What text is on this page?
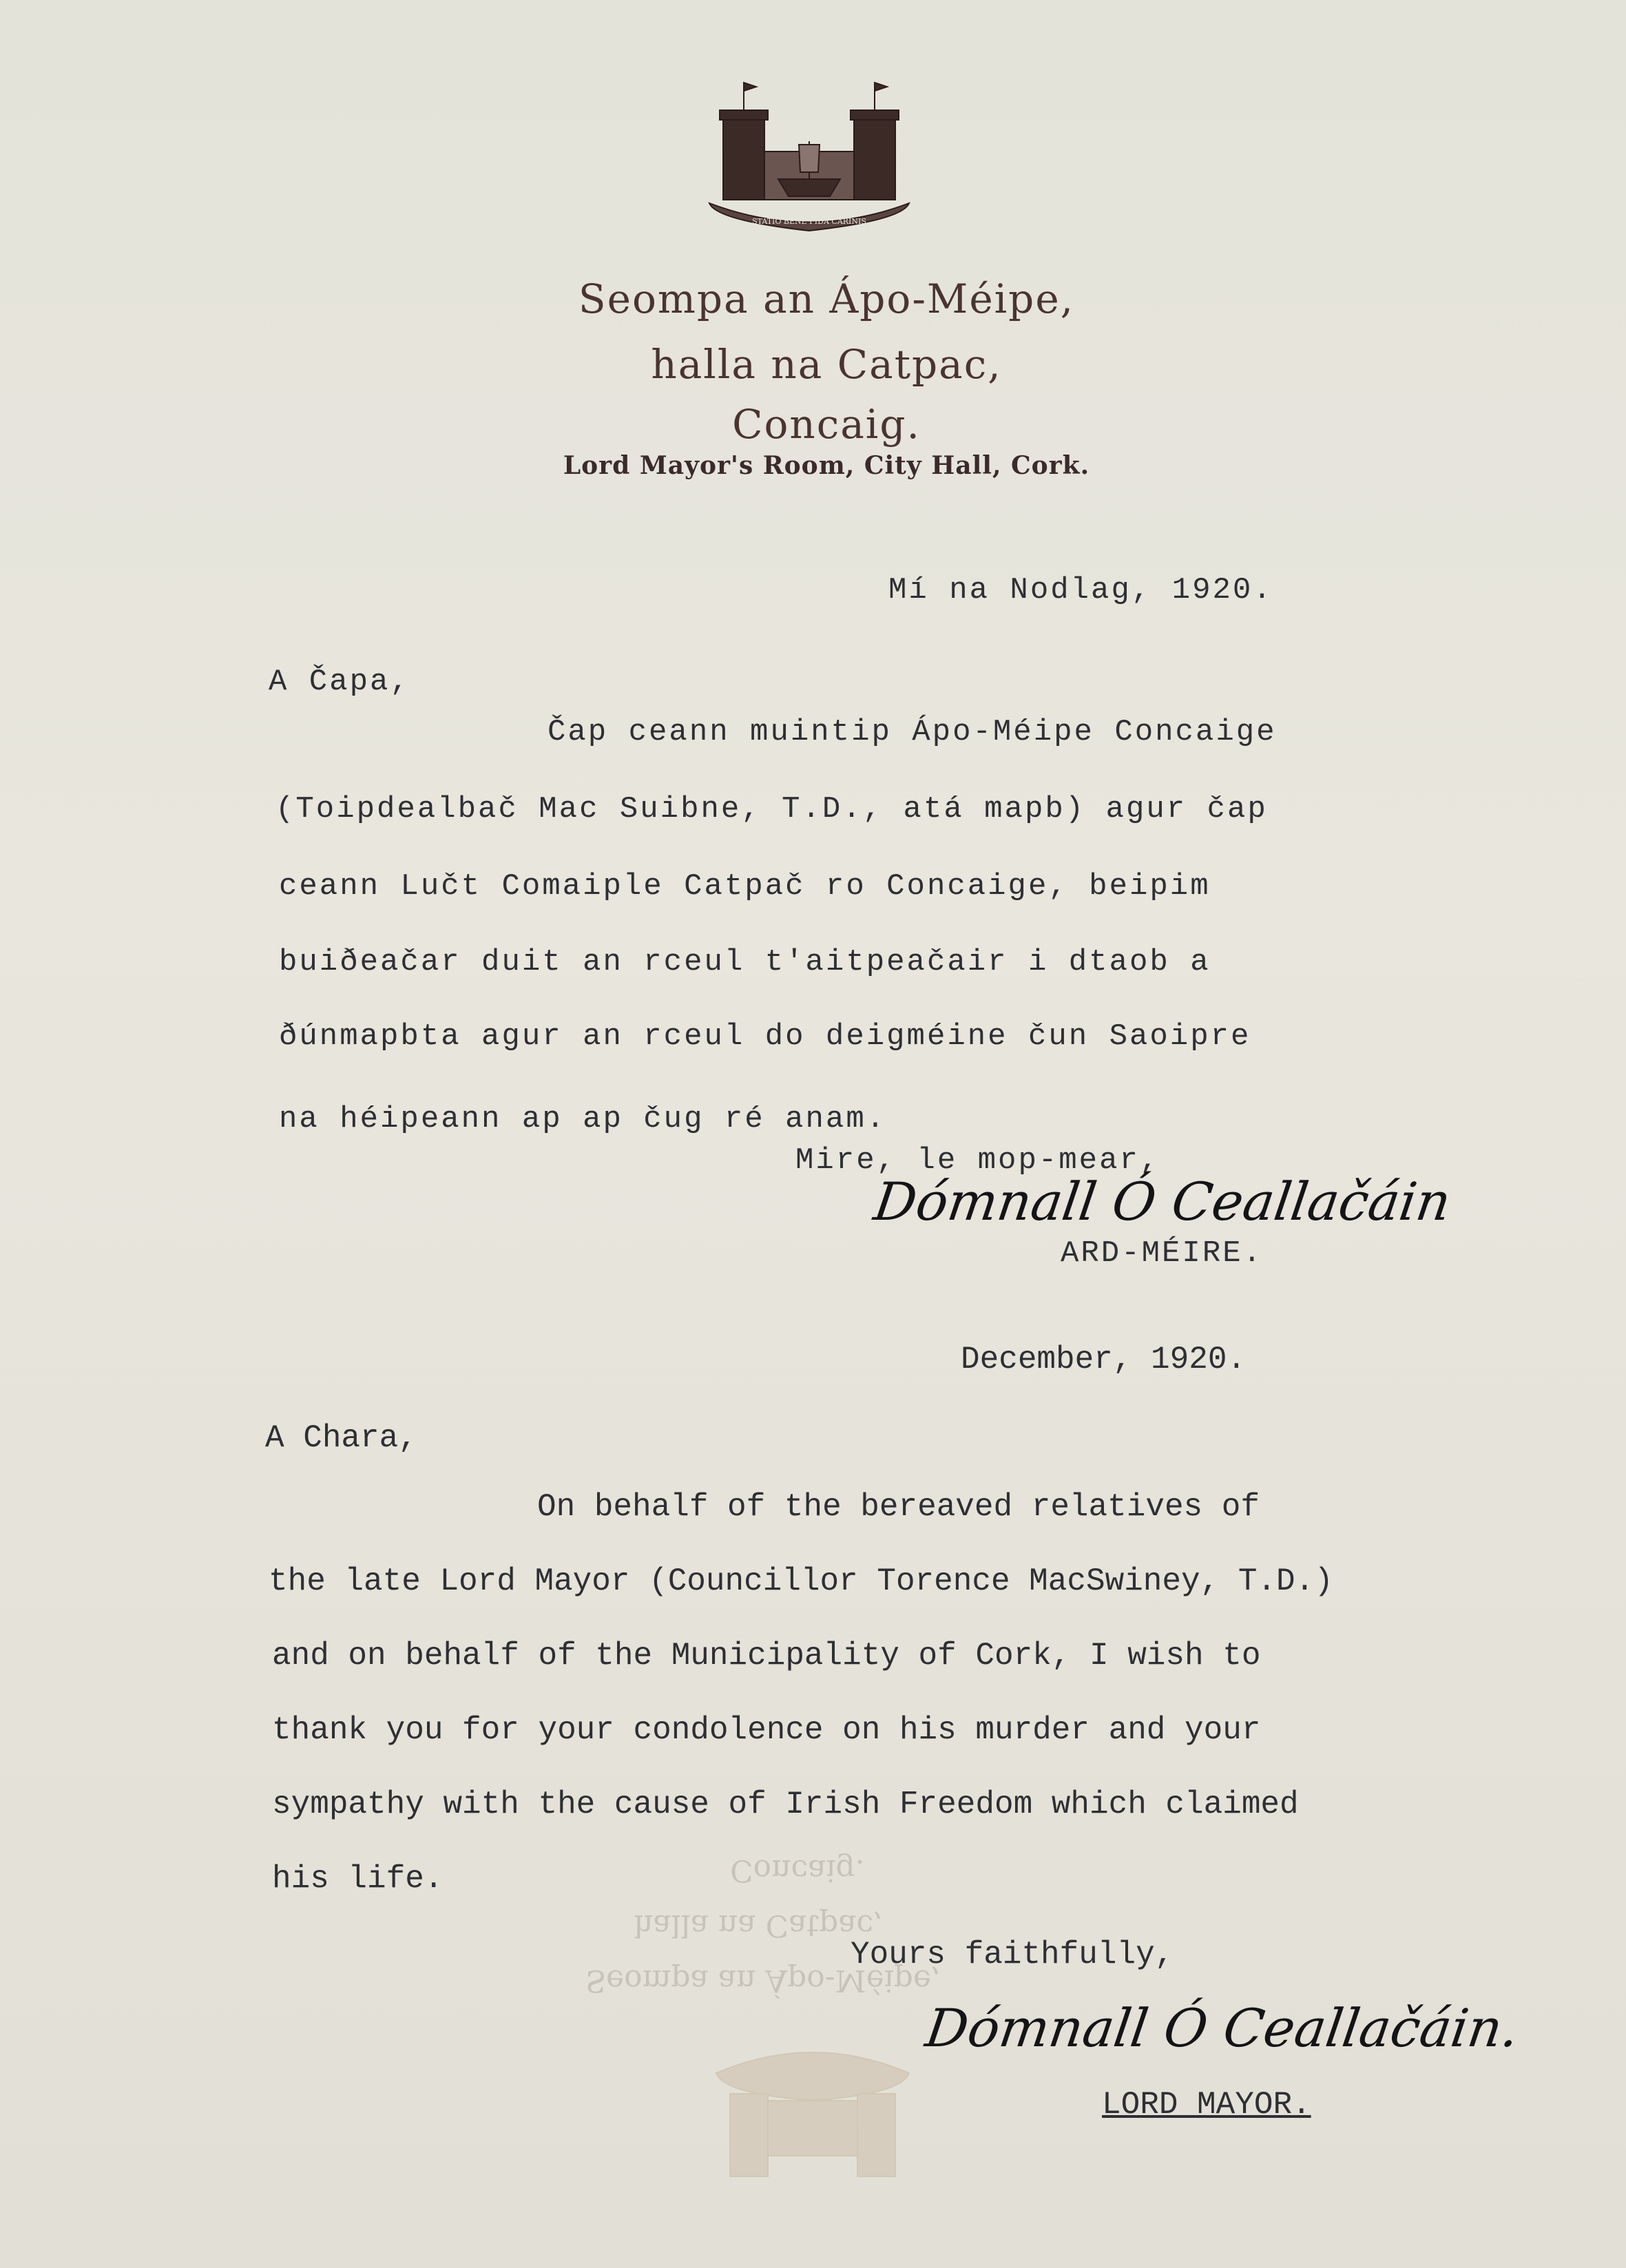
STATIO BENE FIDA CARINIS
Seompa an Ápo-Méipe,
halla na Catpac,
Concaig.
Lord Mayor's Room, City Hall, Cork.
Mí na Nodlag, 1920.
A Čapa,
Čap ceann muintip Ápo-Méipe Concaige
(Toipdealbač Mac Suibne, T.D., atá mapb) agur čap
ceann Lučt Comaiple Catpač ro Concaige, beipim
buiðeačar duit an rceul t'aitpeačair i dtaob a
ðúnmapbta agur an rceul do deigméine čun Saoipre
na héipeann ap ap čug ré anam.
Mire, le mop-mear,
Dómnall Ó Ceallačáin
ARD-MÉIRE.
December, 1920.
A Chara,
On behalf of the bereaved relatives of
the late Lord Mayor (Councillor Torence MacSwiney, T.D.)
and on behalf of the Municipality of Cork, I wish to
thank you for your condolence on his murder and your
sympathy with the cause of Irish Freedom which claimed
his life.
Yours faithfully,
Dómnall Ó Ceallačáin.
LORD MAYOR.
Concaig.
halla na Catpac,
Seompa an Ápo-Méipe,
